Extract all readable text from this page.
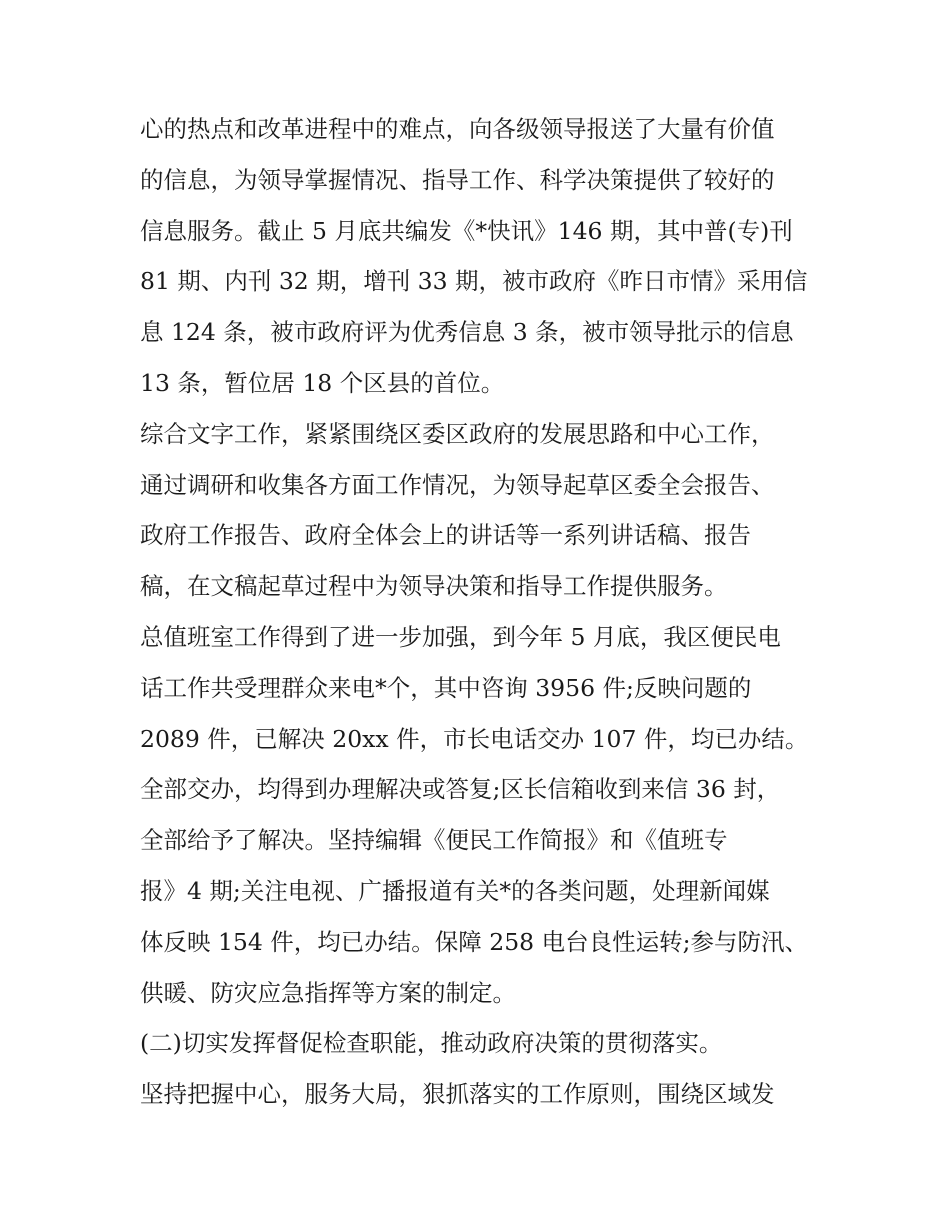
心的热点和改革进程中的难点，向各级领导报送了大量有价值
的信息，为领导掌握情况、指导工作、科学决策提供了较好的
信息服务。截止 5 月底共编发《*快讯》146 期，其中普(专)刊
81 期、内刊 32 期，增刊 33 期，被市政府《昨日市情》采用信
息 124 条，被市政府评为优秀信息 3 条，被市领导批示的信息
13 条，暂位居 18 个区县的首位。
综合文字工作，紧紧围绕区委区政府的发展思路和中心工作，
通过调研和收集各方面工作情况，为领导起草区委全会报告、
政府工作报告、政府全体会上的讲话等一系列讲话稿、报告
稿，在文稿起草过程中为领导决策和指导工作提供服务。
总值班室工作得到了进一步加强，到今年 5 月底，我区便民电
话工作共受理群众来电*个，其中咨询 3956 件;反映问题的
2089 件，已解决 20xx 件，市长电话交办 107 件，均已办结。
全部交办，均得到办理解决或答复;区长信箱收到来信 36 封，
全部给予了解决。坚持编辑《便民工作简报》和《值班专
报》4 期;关注电视、广播报道有关*的各类问题，处理新闻媒
体反映 154 件，均已办结。保障 258 电台良性运转;参与防汛、
供暖、防灾应急指挥等方案的制定。
(二)切实发挥督促检查职能，推动政府决策的贯彻落实。
坚持把握中心，服务大局，狠抓落实的工作原则，围绕区域发
